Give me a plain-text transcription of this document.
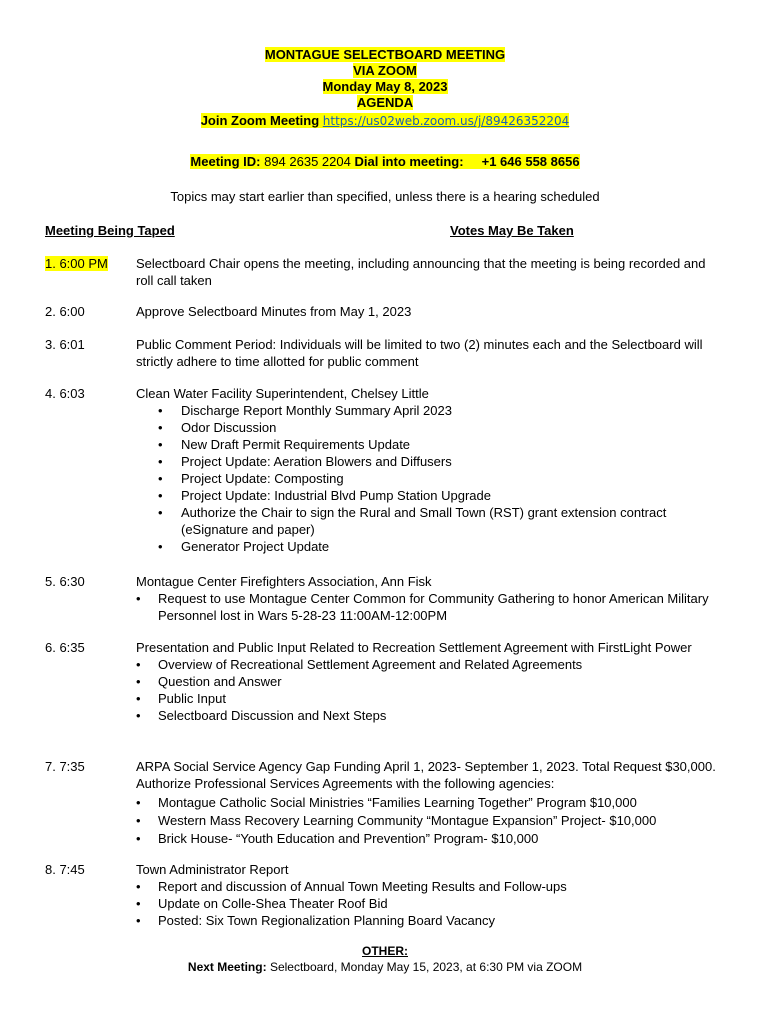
MONTAGUE SELECTBOARD MEETING
VIA ZOOM
Monday May 8, 2023
AGENDA
Join Zoom Meeting https://us02web.zoom.us/j/89426352204
Meeting ID: 894 2635 2204 Dial into meeting: +1 646 558 8656
Topics may start earlier than specified, unless there is a hearing scheduled
Meeting Being Taped	Votes May Be Taken
1. 6:00 PM Selectboard Chair opens the meeting, including announcing that the meeting is being recorded and roll call taken

2. 6:00	Approve Selectboard Minutes from May 1, 2023

3. 6:01	Public Comment Period: Individuals will be limited to two (2) minutes each and the Selectboard will strictly adhere to time allotted for public comment

4. 6:03	Clean Water Facility Superintendent, Chelsey Little

• Discharge Report Monthly Summary April 2023
• Odor Discussion
• New Draft Permit Requirements Update
• Project Update: Aeration Blowers and Diffusers
• Project Update: Composting
• Project Update: Industrial Blvd Pump Station Upgrade
• Authorize the Chair to sign the Rural and Small Town (RST) grant extension contract (eSignature and paper)
• Generator Project Update
5. 6:30	Montague Center Firefighters Association, Ann Fisk

• Request to use Montague Center Common for Community Gathering to honor American Military Personnel lost in Wars 5-28-23 11:00AM-12:00PM
6. 6:35	Presentation and Public Input Related to Recreation Settlement Agreement with FirstLight Power

• Overview of Recreational Settlement Agreement and Related Agreements
• Question and Answer
• Public Input
• Selectboard Discussion and Next Steps
7. 7:35	ARPA Social Service Agency Gap Funding April 1, 2023- September 1, 2023. Total Request $30,000. Authorize Professional Services Agreements with the following agencies:

• Montague Catholic Social Ministries “Families Learning Together” Program $10,000
• Western Mass Recovery Learning Community “Montague Expansion” Project- $10,000
• Brick House- “Youth Education and Prevention” Program- $10,000
8. 7:45	Town Administrator Report

• Report and discussion of Annual Town Meeting Results and Follow-ups
• Update on Colle-Shea Theater Roof Bid
• Posted: Six Town Regionalization Planning Board Vacancy
OTHER:
Next Meeting: Selectboard, Monday May 15, 2023, at 6:30 PM via ZOOM
